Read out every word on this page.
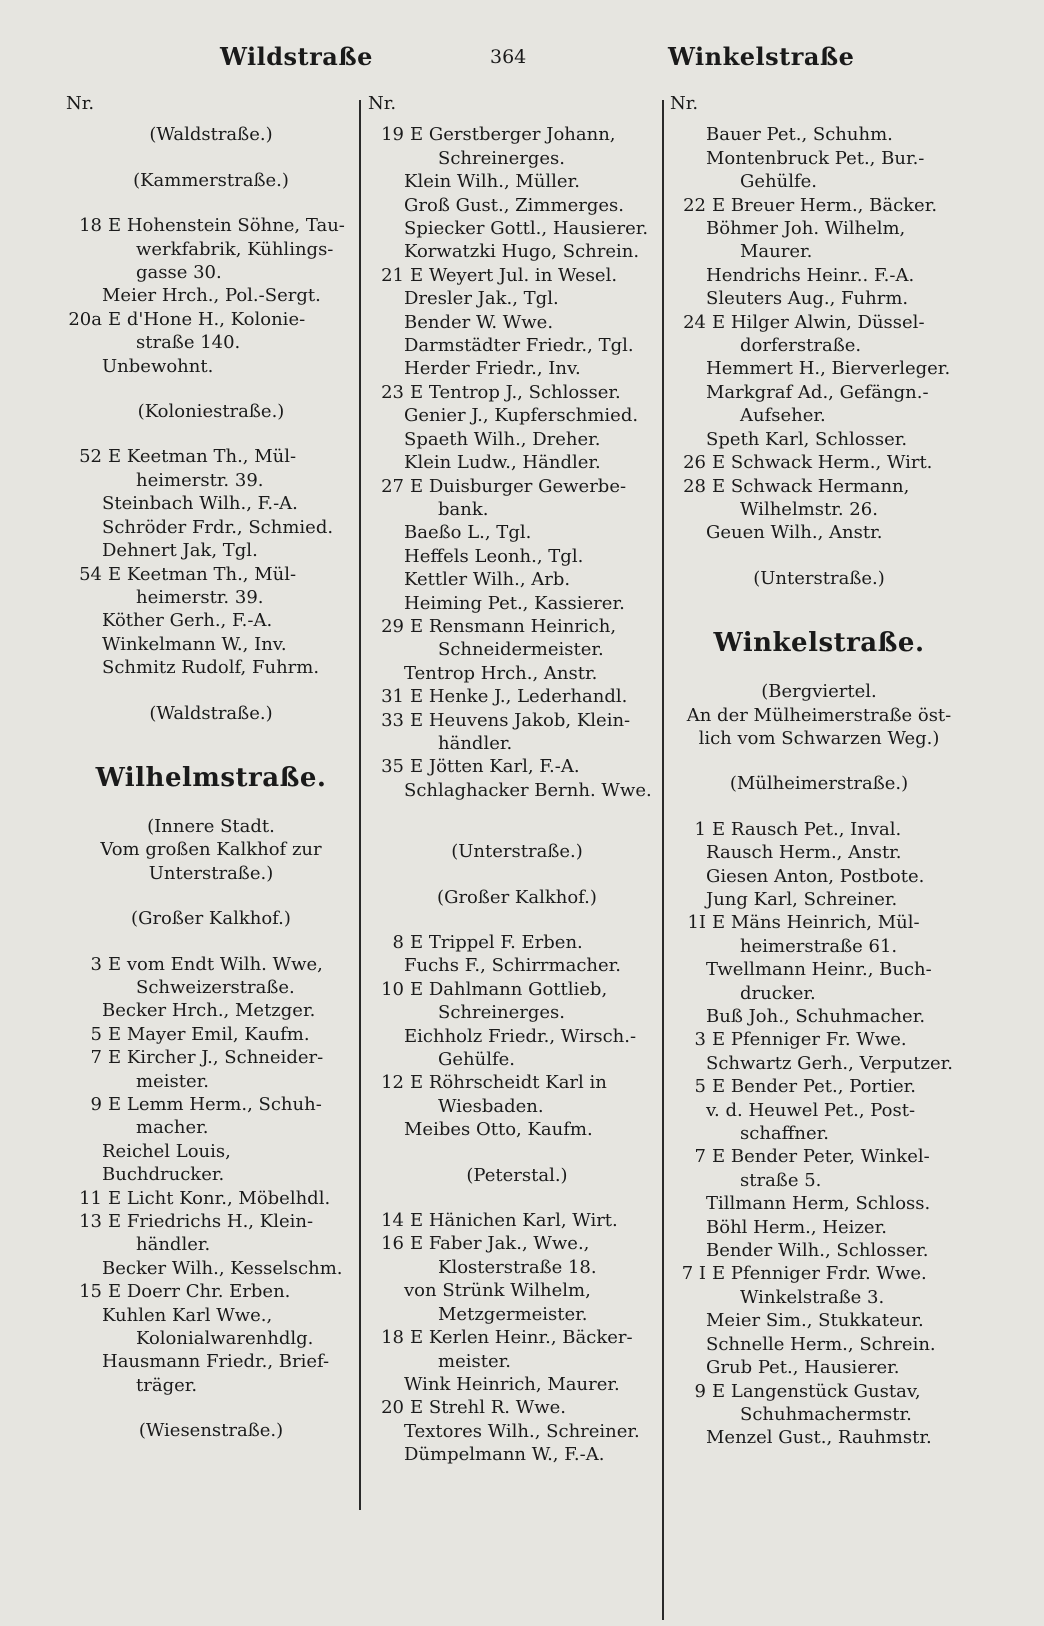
Wildstraße	364	Winkelstraße
Nr.
(Waldstraße.)
(Kammerstraße.)
18 E Hohenstein Söhne, Tau-
werkfabrik, Kühlings-
gasse 30.
Meier Hrch., Pol.-Sergt.
20a E d'Hone H., Kolonie-
straße 140.
Unbewohnt.
(Koloniestraße.)
52 E Keetman Th., Mül-
heimerstr. 39.
Steinbach Wilh., F.-A.
Schröder Frdr., Schmied.
Dehnert Jak, Tgl.
54 E Keetman Th., Mül-
heimerstr. 39.
Köther Gerh., F.-A.
Winkelmann W., Inv.
Schmitz Rudolf, Fuhrm.
(Waldstraße.)
Wilhelmstraße.
(Innere Stadt.
Vom großen Kalkhof zur
Unterstraße.)
(Großer Kalkhof.)
3 E vom Endt Wilh. Wwe,
Schweizerstraße.
Becker Hrch., Metzger.
5 E Mayer Emil, Kaufm.
7 E Kircher J., Schneider-
meister.
9 E Lemm Herm., Schuh-
macher.
Reichel Louis, Buchdrucker.
11 E Licht Konr., Möbelhdl.
13 E Friedrichs H., Klein-
händler.
Becker Wilh., Kesselschm.
15 E Doerr Chr. Erben.
Kuhlen Karl Wwe.,
Kolonialwarenhdlg.
Hausmann Friedr., Brief-
träger.
(Wiesenstraße.)
Nr.
19 E Gerstberger Johann,
Schreinerges.
Klein Wilh., Müller.
Groß Gust., Zimmerges.
Spiecker Gottl., Hausierer.
Korwatzki Hugo, Schrein.
21 E Weyert Jul. in Wesel.
Dresler Jak., Tgl.
Bender W. Wwe.
Darmstädter Friedr., Tgl.
Herder Friedr., Inv.
23 E Tentrop J., Schlosser.
Genier J., Kupferschmied.
Spaeth Wilh., Dreher.
Klein Ludw., Händler.
27 E Duisburger Gewerbe-
bank.
Baeßo L., Tgl.
Heffels Leonh., Tgl.
Kettler Wilh., Arb.
Heiming Pet., Kassierer.
29 E Rensmann Heinrich,
Schneidermeister.
Tentrop Hrch., Anstr.
31 E Henke J., Lederhandl.
33 E Heuvens Jakob, Klein-
händler.
35 E Jötten Karl, F.-A.
Schlaghacker Bernh. Wwe.
(Unterstraße.)
(Großer Kalkhof.)
8 E Trippel F. Erben.
Fuchs F., Schirrmacher.
10 E Dahlmann Gottlieb,
Schreinerges.
Eichholz Friedr., Wirsch.-
Gehülfe.
12 E Röhrscheidt Karl in
Wiesbaden.
Meibes Otto, Kaufm.
(Peterstal.)
14 E Hänichen Karl, Wirt.
16 E Faber Jak., Wwe.,
Klosterstraße 18.
von Strünk Wilhelm,
Metzgermeister.
18 E Kerlen Heinr., Bäcker-
meister.
Wink Heinrich, Maurer.
20 E Strehl R. Wwe.
Textores Wilh., Schreiner.
Dümpelmann W., F.-A.
Nr.
Bauer Pet., Schuhm.
Montenbruck Pet., Bur.-
Gehülfe.
22 E Breuer Herm., Bäcker.
Böhmer Joh. Wilhelm,
Maurer.
Hendrichs Heinr.. F.-A.
Sleuters Aug., Fuhrm.
24 E Hilger Alwin, Düssel-
dorferstraße.
Hemmert H., Bierverleger.
Markgraf Ad., Gefängn.-
Aufseher.
Speth Karl, Schlosser.
26 E Schwack Herm., Wirt.
28 E Schwack Hermann,
Wilhelmstr. 26.
Geuen Wilh., Anstr.
(Unterstraße.)
Winkelstraße.
(Bergviertel.
An der Mülheimerstraße öst-
lich vom Schwarzen Weg.)
(Mülheimerstraße.)
1 E Rausch Pet., Inval.
Rausch Herm., Anstr.
Giesen Anton, Postbote.
Jung Karl, Schreiner.
1I E Mäns Heinrich, Mül-
heimerstraße 61.
Twellmann Heinr., Buch-
drucker.
Buß Joh., Schuhmacher.
3 E Pfenniger Fr. Wwe.
Schwartz Gerh., Verputzer.
5 E Bender Pet., Portier.
v. d. Heuwel Pet., Post-
schaffner.
7 E Bender Peter, Winkel-
straße 5.
Tillmann Herm, Schloss.
Böhl Herm., Heizer.
Bender Wilh., Schlosser.
7 I E Pfenniger Frdr. Wwe.
Winkelstraße 3.
Meier Sim., Stukkateur.
Schnelle Herm., Schrein.
Grub Pet., Hausierer.
9 E Langenstück Gustav,
Schuhmachermstr.
Menzel Gust., Rauhmstr.
